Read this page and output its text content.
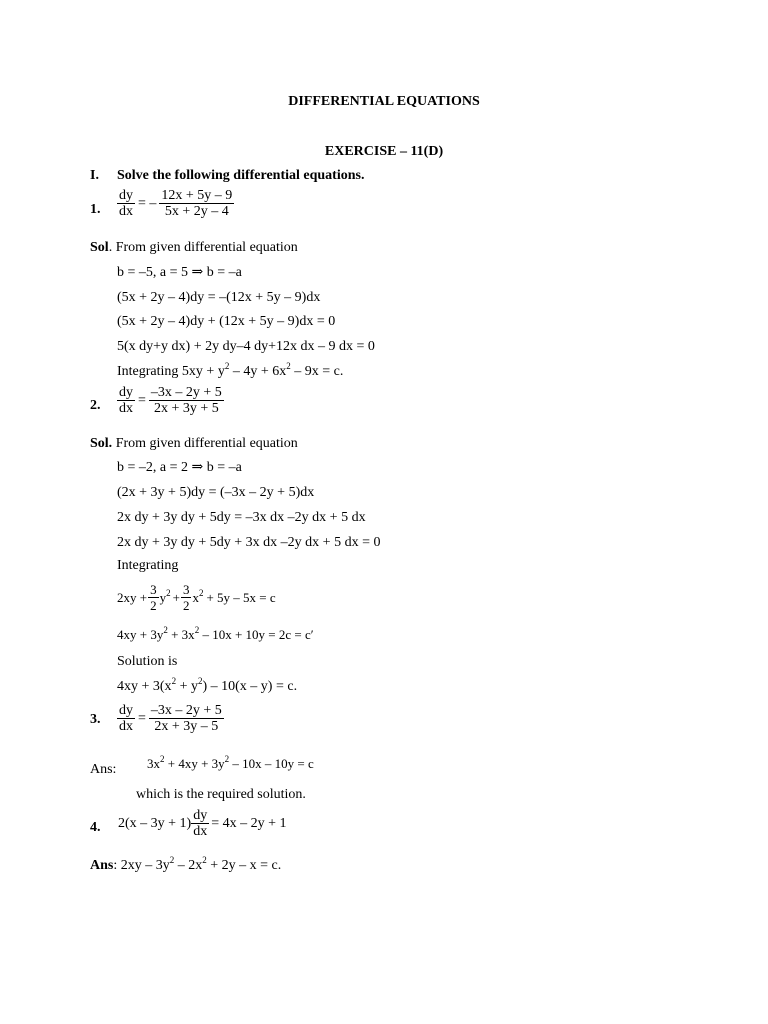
DIFFERENTIAL EQUATIONS
EXERCISE – 11(D)
I. Solve the following differential equations.
1. $\frac{dy}{dx}$ = – $\frac{12x + 5y - 9}{5x + 2y - 4}$
Sol. From given differential equation
b = –5, a = 5 ⇒ b = –a
(5x + 2y – 4)dy = –(12x + 5y – 9)dx
(5x + 2y – 4)dy + (12x + 5y – 9)dx = 0
5(x dy+y dx) + 2y dy–4 dy+12x dx – 9 dx = 0
Integrating $5xy + y^2 - 4y + 6x^2 - 9x = c$.
2. $\frac{dy}{dx} = \frac{-3x - 2y + 5}{2x + 3y + 5}$
Sol. From given differential equation
b = –2, a = 2 ⇒ b = –a
(2x + 3y + 5)dy = (–3x – 2y + 5)dx
2x dy + 3y dy + 5dy = –3x dx –2y dx + 5 dx
2x dy + 3y dy + 5dy + 3x dx –2y dx + 5 dx = 0
Integrating
$2xy + \frac{3}{2} y^2 + \frac{3}{2} x^2 + 5y - 5x = c$
$4xy + 3y^2 + 3x^2 - 10x + 10y = 2c = c'$
Solution is
$4xy + 3(x^2 + y^2) - 10(x - y) = c$.
3. $\frac{dy}{dx} = \frac{-3x - 2y + 5}{2x + 3y - 5}$
Ans: $3x^2 + 4xy + 3y^2 - 10x - 10y = c$
which is the required solution.
4. $2(x - 3y + 1) \frac{dy}{dx} = 4x - 2y + 1$
Ans: $2xy - 3y^2 - 2x^2 + 2y - x = c$.
